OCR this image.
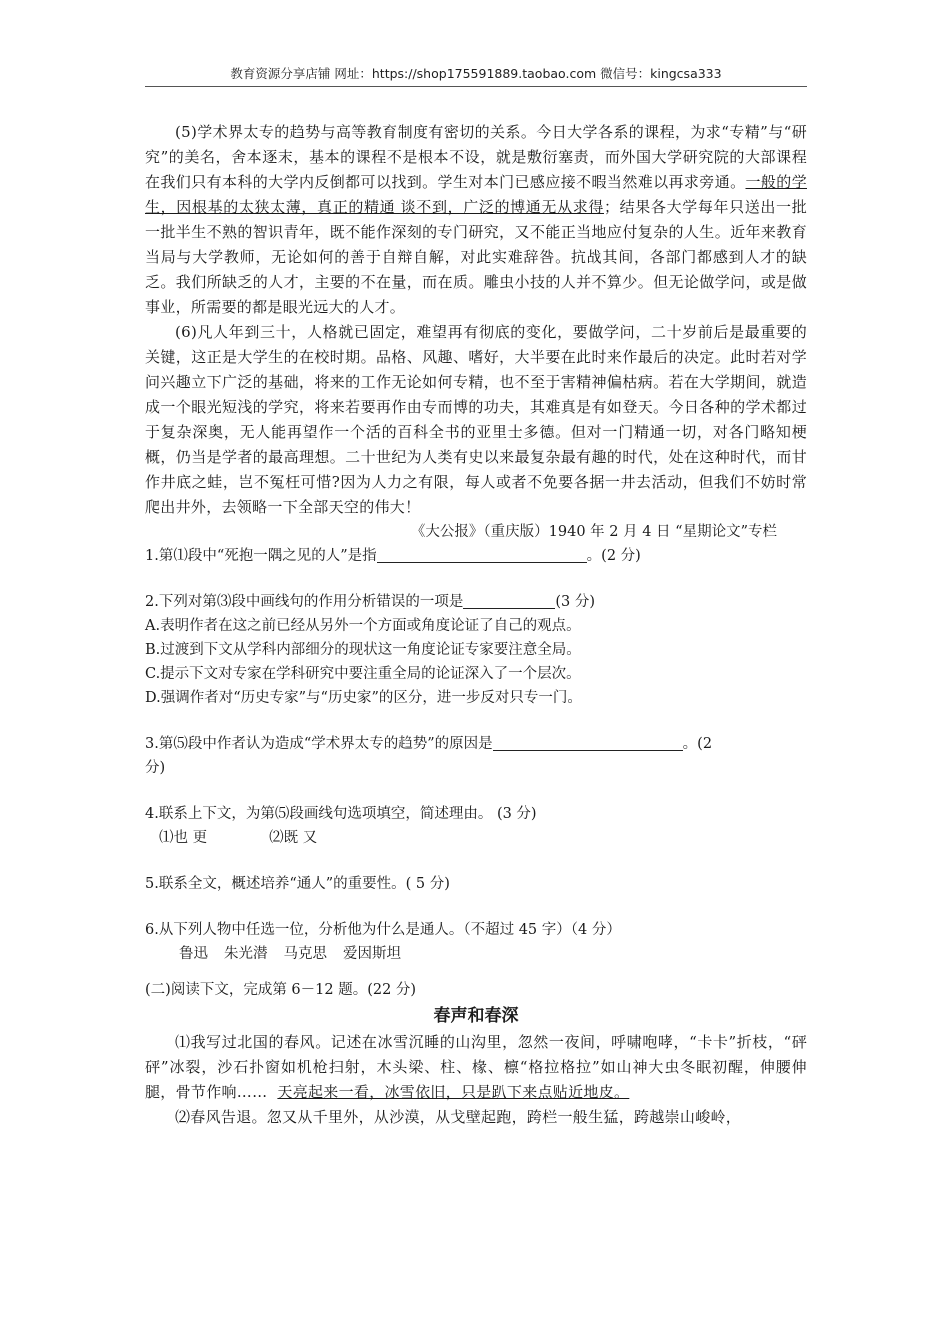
教育资源分享店铺 网址：https://shop175591889.taobao.com 微信号：kingcsa333

(5)学术界太专的趋势与高等教育制度有密切的关系。今日大学各系的课程，为求“专精”与“研究”的美名，舍本逐末，基本的课程不是根本不设，就是敷衍塞责，而外国大学研究院的大部课程在我们只有本科的大学内反倒都可以找到。学生对本门已感应接不暇当然难以再求旁通。一般的学生，因根基的太狭太薄，真正的精通 谈不到，广泛的博通无从求得；结果各大学每年只送出一批一批半生不熟的智识青年，既不能作深刻的专门研究，又不能正当地应付复杂的人生。近年来教育当局与大学教师，无论如何的善于自辩自解，对此实难辞咎。抗战其间，各部门都感到人才的缺乏。我们所缺乏的人才，主要的不在量，而在质。雕虫小技的人并不算少。但无论做学问，或是做事业，所需要的都是眼光远大的人才。

(6)凡人年到三十，人格就已固定，难望再有彻底的变化，要做学问，二十岁前后是最重要的关键，这正是大学生的在校时期。品格、风趣、嗜好，大半要在此时来作最后的决定。此时若对学问兴趣立下广泛的基础，将来的工作无论如何专精，也不至于害精神偏枯病。若在大学期间，就造成一个眼光短浅的学究，将来若要再作由专而博的功夫，其难真是有如登天。今日各种的学术都过于复杂深奥，无人能再望作一个活的百科全书的亚里士多德。但对一门精通一切，对各门略知梗概，仍当是学者的最高理想。二十世纪为人类有史以来最复杂最有趣的时代，处在这种时代，而甘作井底之蛙，岂不冤枉可惜?因为人力之有限，每人或者不免要各据一井去活动，但我们不妨时常爬出井外，去领略一下全部天空的伟大！

《大公报》（重庆版）1940 年 2 月 4 日 “星期论文”专栏

1.第⑴段中“死抱一隅之见的人”是指	。(2 分)

2.下列对第⑶段中画线句的作用分析错误的一项是	(3 分)

A.表明作者在这之前已经从另外一个方面或角度论证了自己的观点。

B.过渡到下文从学科内部细分的现状这一角度论证专家要注意全局。

C.提示下文对专家在学科研究中要注重全局的论证深入了一个层次。

D.强调作者对“历史专家”与“历史家”的区分，进一步反对只专一门。

3.第⑸段中作者认为造成“学术界太专的趋势”的原因是	。(2

分)

4.联系上下文，为第⑸段画线句选项填空，简述理由。 (3 分)

⑴也 更	⑵既 又

5.联系全文，概述培养“通人”的重要性。( 5 分)

6.从下列人物中任选一位，分析他为什么是通人。（不超过 45 字）（4 分）

鲁迅 朱光潜 马克思 爱因斯坦

(二)阅读下文，完成第 6－12 题。(22 分)

春声和春深

⑴我写过北国的春风。记述在冰雪沉睡的山沟里，忽然一夜间，呼啸咆哮，“卡卡”折枝，“砰砰”冰裂，沙石扑窗如机枪扫射，木头梁、柱、椽、檩“格拉格拉”如山神大虫冬眠初醒，伸腰伸腿，骨节作响…… 天亮起来一看，冰雪依旧，只是趴下来点贴近地皮。

⑵春风告退。忽又从千里外，从沙漠，从戈壁起跑，跨栏一般生猛，跨越崇山峻岭，
